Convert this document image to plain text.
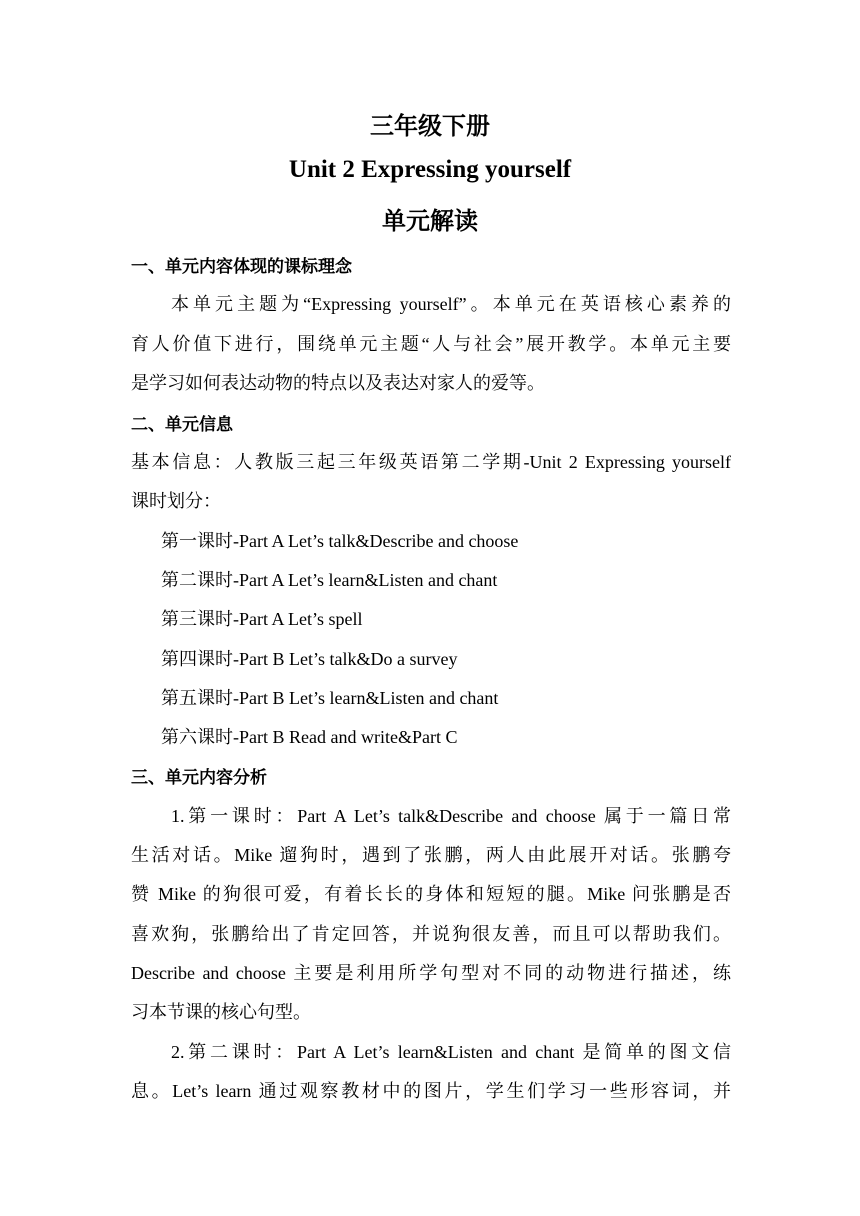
三年级下册
Unit 2 Expressing yourself
单元解读
一、单元内容体现的课标理念
本单元主题为“Expressing yourself”。本单元在英语核心素养的
育人价值下进行，围绕单元主题“人与社会”展开教学。本单元主要
是学习如何表达动物的特点以及表达对家人的爱等。
二、单元信息
基本信息：人教版三起三年级英语第二学期-Unit 2 Expressing yourself
课时划分：
第一课时-Part A Let’s talk&Describe and choose
第二课时-Part A Let’s learn&Listen and chant
第三课时-Part A Let’s spell
第四课时-Part B Let’s talk&Do a survey
第五课时-Part B Let’s learn&Listen and chant
第六课时-Part B Read and write&Part C
三、单元内容分析
1.第一课时：Part A Let’s talk&Describe and choose 属于一篇日常
生活对话。Mike 遛狗时，遇到了张鹏，两人由此展开对话。张鹏夸
赞 Mike 的狗很可爱，有着长长的身体和短短的腿。Mike 问张鹏是否
喜欢狗，张鹏给出了肯定回答，并说狗很友善，而且可以帮助我们。
Describe and choose 主要是利用所学句型对不同的动物进行描述，练
习本节课的核心句型。
2.第二课时：Part A Let’s learn&Listen and chant 是简单的图文信
息。Let’s learn 通过观察教材中的图片，学生们学习一些形容词，并
